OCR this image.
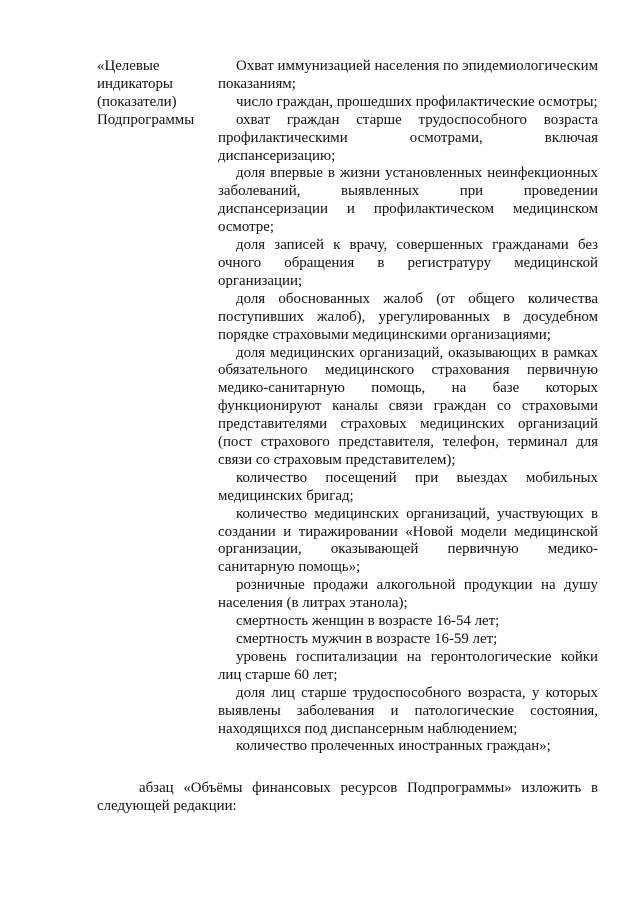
«Целевые

индикаторы

(показатели)

Подпрограммы

Охват иммунизацией населения по эпидемиологическим показаниям;

число граждан, прошедших профилактические осмотры;

охват граждан старше трудоспособного возраста профилактическими осмотрами, включая диспансеризацию;

доля впервые в жизни установленных неинфекционных заболеваний, выявленных при проведении диспансеризации и профилактическом медицинском осмотре;

доля записей к врачу, совершенных гражданами без очного обращения в регистратуру медицинской организации;

доля обоснованных жалоб (от общего количества поступивших жалоб), урегулированных в досудебном порядке страховыми медицинскими организациями;

доля медицинских организаций, оказывающих в рамках обязательного медицинского страхования первичную медико-санитарную помощь, на базе которых функционируют каналы связи граждан со страховыми представителями страховых медицинских организаций (пост страхового представителя, телефон, терминал для связи со страховым представителем);

количество посещений при выездах мобильных медицинских бригад;

количество медицинских организаций, участвующих в создании и тиражировании «Новой модели медицинской организации, оказывающей первичную медико-санитарную помощь»;

розничные продажи алкогольной продукции на душу населения (в литрах этанола);

смертность женщин в возрасте 16-54 лет;

смертность мужчин в возрасте 16-59 лет;

уровень госпитализации на геронтологические койки лиц старше 60 лет;

доля лиц старше трудоспособного возраста, у которых выявлены заболевания и патологические состояния, находящихся под диспансерным наблюдением;

количество пролеченных иностранных граждан»;

абзац «Объёмы финансовых ресурсов Подпрограммы» изложить в следующей редакции:
